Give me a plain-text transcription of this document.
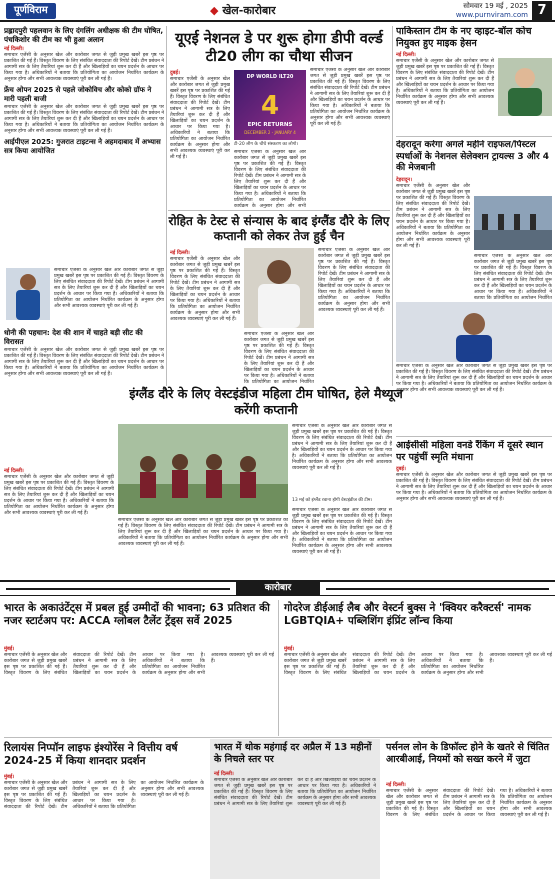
पूर्णविराम	◆ खेल-कारोबार	सोमवार 19 मई , 2025
www.purnviram.com 7
प्रह्लादपुरी पहलवान के लिए दंगलिंग अधीक्षक की टीम घोषित, पंचकिशोर की टीम का भी हुआ अलान
नई दिल्ली।
समाचार एजेंसी के अनुसार खेल और कारोबार जगत से जुड़ी प्रमुख खबरें इस पृष्ठ पर प्रकाशित की गई हैं। विस्तृत विवरण के लिए संबंधित संवाददाता की रिपोर्ट देखें। टीम प्रबंधन ने आगामी सत्र के लिए तैयारियां शुरू कर दी हैं और खिलाड़ियों का चयन प्रदर्शन के आधार पर किया गया है। अधिकारियों ने बताया कि प्रतियोगिता का आयोजन निर्धारित कार्यक्रम के अनुसार होगा और सभी आवश्यक व्यवस्थाएं पूरी कर ली गई हैं।
फ्रेंच ओपन 2025 से पहले जोकोविच और कोको ग्रॉफ ने मारी पहली बाजी
समाचार एजेंसी के अनुसार खेल और कारोबार जगत से जुड़ी प्रमुख खबरें इस पृष्ठ पर प्रकाशित की गई हैं। विस्तृत विवरण के लिए संबंधित संवाददाता की रिपोर्ट देखें। टीम प्रबंधन ने आगामी सत्र के लिए तैयारियां शुरू कर दी हैं और खिलाड़ियों का चयन प्रदर्शन के आधार पर किया गया है। अधिकारियों ने बताया कि प्रतियोगिता का आयोजन निर्धारित कार्यक्रम के अनुसार होगा और सभी आवश्यक व्यवस्थाएं पूरी कर ली गई हैं।
आईपीएल 2025: गुजरात टाइटन्स ने अहमदाबाद में अभ्यास सत्र किया आयोजित
समाचार एजेंसी के अनुसार खेल और कारोबार जगत से जुड़ी प्रमुख खबरें इस पृष्ठ पर प्रकाशित की गई हैं। विस्तृत विवरण के लिए संबंधित संवाददाता की रिपोर्ट देखें। टीम प्रबंधन ने आगामी सत्र के लिए तैयारियां शुरू कर दी हैं और खिलाड़ियों का चयन प्रदर्शन के आधार पर किया गया है। अधिकारियों ने बताया कि प्रतियोगिता का आयोजन निर्धारित कार्यक्रम के अनुसार होगा और सभी आवश्यक व्यवस्थाएं पूरी कर ली गई हैं।
धोनी की पहचान: देश की शान में चाहते बड़ी सीट की विरासत
समाचार एजेंसी के अनुसार खेल और कारोबार जगत से जुड़ी प्रमुख खबरें इस पृष्ठ पर प्रकाशित की गई हैं। विस्तृत विवरण के लिए संबंधित संवाददाता की रिपोर्ट देखें। टीम प्रबंधन ने आगामी सत्र के लिए तैयारियां शुरू कर दी हैं और खिलाड़ियों का चयन प्रदर्शन के आधार पर किया गया है। अधिकारियों ने बताया कि प्रतियोगिता का आयोजन निर्धारित कार्यक्रम के अनुसार होगा और सभी आवश्यक व्यवस्थाएं पूरी कर ली गई हैं।
यूएई नेशनल डे पर शुरू होगा डीपी वर्ल्ड टी20 लीग का चौथा सीजन
दुबई।
समाचार एजेंसी के अनुसार खेल और कारोबार जगत से जुड़ी प्रमुख खबरें इस पृष्ठ पर प्रकाशित की गई हैं। विस्तृत विवरण के लिए संबंधित संवाददाता की रिपोर्ट देखें। टीम प्रबंधन ने आगामी सत्र के लिए तैयारियां शुरू कर दी हैं और खिलाड़ियों का चयन प्रदर्शन के आधार पर किया गया है। अधिकारियों ने बताया कि प्रतियोगिता का आयोजन निर्धारित कार्यक्रम के अनुसार होगा और सभी आवश्यक व्यवस्थाएं पूरी कर ली गई हैं।
4
DP WORLD ILT20
EPIC RETURNS
DECEMBER 2 - JANUARY 4
टी-20 लीग के चौथे संस्करण का लोगो।
समाचार एजेंसी के अनुसार खेल और कारोबार जगत से जुड़ी प्रमुख खबरें इस पृष्ठ पर प्रकाशित की गई हैं। विस्तृत विवरण के लिए संबंधित संवाददाता की रिपोर्ट देखें। टीम प्रबंधन ने आगामी सत्र के लिए तैयारियां शुरू कर दी हैं और खिलाड़ियों का चयन प्रदर्शन के आधार पर किया गया है। अधिकारियों ने बताया कि प्रतियोगिता का आयोजन निर्धारित कार्यक्रम के अनुसार होगा और सभी
समाचार एजेंसी के अनुसार खेल और कारोबार जगत से जुड़ी प्रमुख खबरें इस पृष्ठ पर प्रकाशित की गई हैं। विस्तृत विवरण के लिए संबंधित संवाददाता की रिपोर्ट देखें। टीम प्रबंधन ने आगामी सत्र के लिए तैयारियां शुरू कर दी हैं और खिलाड़ियों का चयन प्रदर्शन के आधार पर किया गया है। अधिकारियों ने बताया कि प्रतियोगिता का आयोजन निर्धारित कार्यक्रम के अनुसार होगा और सभी आवश्यक व्यवस्थाएं पूरी कर ली गई हैं।
रोहित के टेस्ट से संन्यास के बाद इंग्लैंड दौरे के लिए कप्तानी को लेकर तेज हुई चैन
नई दिल्ली।
समाचार एजेंसी के अनुसार खेल और कारोबार जगत से जुड़ी प्रमुख खबरें इस पृष्ठ पर प्रकाशित की गई हैं। विस्तृत विवरण के लिए संबंधित संवाददाता की रिपोर्ट देखें। टीम प्रबंधन ने आगामी सत्र के लिए तैयारियां शुरू कर दी हैं और खिलाड़ियों का चयन प्रदर्शन के आधार पर किया गया है। अधिकारियों ने बताया कि प्रतियोगिता का आयोजन निर्धारित कार्यक्रम के अनुसार होगा और सभी आवश्यक व्यवस्थाएं पूरी कर ली गई हैं।
समाचार एजेंसी के अनुसार खेल और कारोबार जगत से जुड़ी प्रमुख खबरें इस पृष्ठ पर प्रकाशित की गई हैं। विस्तृत विवरण के लिए संबंधित संवाददाता की रिपोर्ट देखें। टीम प्रबंधन ने आगामी सत्र के लिए तैयारियां शुरू कर दी हैं और खिलाड़ियों का चयन प्रदर्शन के आधार पर किया गया है। अधिकारियों ने बताया कि प्रतियोगिता का आयोजन निर्धारित
समाचार एजेंसी के अनुसार खेल और कारोबार जगत से जुड़ी प्रमुख खबरें इस पृष्ठ पर प्रकाशित की गई हैं। विस्तृत विवरण के लिए संबंधित संवाददाता की रिपोर्ट देखें। टीम प्रबंधन ने आगामी सत्र के लिए तैयारियां शुरू कर दी हैं और खिलाड़ियों का चयन प्रदर्शन के आधार पर किया गया है। अधिकारियों ने बताया कि प्रतियोगिता का आयोजन निर्धारित कार्यक्रम के अनुसार होगा और सभी आवश्यक व्यवस्थाएं पूरी कर ली गई हैं।
पाकिस्तान टीम के नए व्हाइट-बॉल कोच नियुक्त हुए माइक हेसन
नई दिल्ली।
समाचार एजेंसी के अनुसार खेल और कारोबार जगत से जुड़ी प्रमुख खबरें इस पृष्ठ पर प्रकाशित की गई हैं। विस्तृत विवरण के लिए संबंधित संवाददाता की रिपोर्ट देखें। टीम प्रबंधन ने आगामी सत्र के लिए तैयारियां शुरू कर दी हैं और खिलाड़ियों का चयन प्रदर्शन के आधार पर किया गया है। अधिकारियों ने बताया कि प्रतियोगिता का आयोजन निर्धारित कार्यक्रम के अनुसार होगा और सभी आवश्यक व्यवस्थाएं पूरी कर ली गई हैं।
देहरादून करेगा अगले महीने राइफल/पिस्टल स्पर्धाओं के नेशनल सेलेक्शन ट्रायल्स 3 और 4 की मेजबानी
देहरादून।
समाचार एजेंसी के अनुसार खेल और कारोबार जगत से जुड़ी प्रमुख खबरें इस पृष्ठ पर प्रकाशित की गई हैं। विस्तृत विवरण के लिए संबंधित संवाददाता की रिपोर्ट देखें। टीम प्रबंधन ने आगामी सत्र के लिए तैयारियां शुरू कर दी हैं और खिलाड़ियों का चयन प्रदर्शन के आधार पर किया गया है। अधिकारियों ने बताया कि प्रतियोगिता का आयोजन निर्धारित कार्यक्रम के अनुसार होगा और सभी आवश्यक व्यवस्थाएं पूरी कर ली गई हैं।
समाचार एजेंसी के अनुसार खेल और कारोबार जगत से जुड़ी प्रमुख खबरें इस पृष्ठ पर प्रकाशित की गई हैं। विस्तृत विवरण के लिए संबंधित संवाददाता की रिपोर्ट देखें। टीम प्रबंधन ने आगामी सत्र के लिए तैयारियां शुरू कर दी हैं और खिलाड़ियों का चयन प्रदर्शन के आधार पर किया गया है। अधिकारियों ने बताया कि प्रतियोगिता का आयोजन निर्धारित
समाचार एजेंसी के अनुसार खेल और कारोबार जगत से जुड़ी प्रमुख खबरें इस पृष्ठ पर प्रकाशित की गई हैं। विस्तृत विवरण के लिए संबंधित संवाददाता की रिपोर्ट देखें। टीम प्रबंधन ने आगामी सत्र के लिए तैयारियां शुरू कर दी हैं और खिलाड़ियों का चयन प्रदर्शन के आधार पर किया गया है। अधिकारियों ने बताया कि प्रतियोगिता का आयोजन निर्धारित कार्यक्रम के अनुसार होगा और सभी आवश्यक व्यवस्थाएं पूरी कर ली गई हैं।
आईसीसी महिला वनडे रैंकिंग में दूसरे स्थान पर पहुंचीं स्मृति मंधाना
दुबई।
समाचार एजेंसी के अनुसार खेल और कारोबार जगत से जुड़ी प्रमुख खबरें इस पृष्ठ पर प्रकाशित की गई हैं। विस्तृत विवरण के लिए संबंधित संवाददाता की रिपोर्ट देखें। टीम प्रबंधन ने आगामी सत्र के लिए तैयारियां शुरू कर दी हैं और खिलाड़ियों का चयन प्रदर्शन के आधार पर किया गया है। अधिकारियों ने बताया कि प्रतियोगिता का आयोजन निर्धारित कार्यक्रम के अनुसार होगा और सभी आवश्यक व्यवस्थाएं पूरी कर ली गई हैं।
इंग्लैंड दौरे के लिए वेस्टइंडीज महिला टीम घोषित, हेले मैथ्यूज करेंगी कप्तानी
नई दिल्ली।
समाचार एजेंसी के अनुसार खेल और कारोबार जगत से जुड़ी प्रमुख खबरें इस पृष्ठ पर प्रकाशित की गई हैं। विस्तृत विवरण के लिए संबंधित संवाददाता की रिपोर्ट देखें। टीम प्रबंधन ने आगामी सत्र के लिए तैयारियां शुरू कर दी हैं और खिलाड़ियों का चयन प्रदर्शन के आधार पर किया गया है। अधिकारियों ने बताया कि प्रतियोगिता का आयोजन निर्धारित कार्यक्रम के अनुसार होगा और सभी आवश्यक व्यवस्थाएं पूरी कर ली गई हैं।
13 मई को इंग्लैंड रवाना होगी वेस्टइंडीज की टीम।
समाचार एजेंसी के अनुसार खेल और कारोबार जगत से जुड़ी प्रमुख खबरें इस पृष्ठ पर प्रकाशित की गई हैं। विस्तृत विवरण के लिए संबंधित संवाददाता की रिपोर्ट देखें। टीम प्रबंधन ने आगामी सत्र के लिए तैयारियां शुरू कर दी हैं और खिलाड़ियों का चयन प्रदर्शन के आधार पर किया गया है। अधिकारियों ने बताया कि प्रतियोगिता का आयोजन निर्धारित कार्यक्रम के अनुसार होगा और सभी आवश्यक व्यवस्थाएं पूरी कर ली गई हैं।
समाचार एजेंसी के अनुसार खेल और कारोबार जगत से जुड़ी प्रमुख खबरें इस पृष्ठ पर प्रकाशित की गई हैं। विस्तृत विवरण के लिए संबंधित संवाददाता की रिपोर्ट देखें। टीम प्रबंधन ने आगामी सत्र के लिए तैयारियां शुरू कर दी हैं और खिलाड़ियों का चयन प्रदर्शन के आधार पर किया गया है। अधिकारियों ने बताया कि प्रतियोगिता का आयोजन निर्धारित कार्यक्रम के अनुसार होगा और सभी आवश्यक व्यवस्थाएं पूरी कर ली गई हैं।
समाचार एजेंसी के अनुसार खेल और कारोबार जगत से जुड़ी प्रमुख खबरें इस पृष्ठ पर प्रकाशित की गई हैं। विस्तृत विवरण के लिए संबंधित संवाददाता की रिपोर्ट देखें। टीम प्रबंधन ने आगामी सत्र के लिए तैयारियां शुरू कर दी हैं और खिलाड़ियों का चयन प्रदर्शन के आधार पर किया गया है। अधिकारियों ने बताया कि प्रतियोगिता का आयोजन निर्धारित कार्यक्रम के अनुसार होगा और सभी आवश्यक व्यवस्थाएं पूरी कर ली गई हैं।
कारोबार
भारत के अकाउंटेंट्स में प्रबल हुई उम्मीदों की भावना; 63 प्रतिशत की नजर स्टार्टअप पर: ACCA ग्लोबल टैलेंट ट्रेंड्स सर्वे 2025
मुंबई।
समाचार एजेंसी के अनुसार खेल और कारोबार जगत से जुड़ी प्रमुख खबरें इस पृष्ठ पर प्रकाशित की गई हैं। विस्तृत विवरण के लिए संबंधित संवाददाता की रिपोर्ट देखें। टीम प्रबंधन ने आगामी सत्र के लिए तैयारियां शुरू कर दी हैं और खिलाड़ियों का चयन प्रदर्शन के आधार पर किया गया है। अधिकारियों ने बताया कि प्रतियोगिता का आयोजन निर्धारित कार्यक्रम के अनुसार होगा और सभी आवश्यक व्यवस्थाएं पूरी कर ली गई हैं।
गोदरेज डीईआई लैब और वेस्टर्न बुक्स ने 'क्वियर करैक्टर्स' नामक LGBTQIA+ पब्लिशिंग इंप्रिंट लॉन्च किया
मुंबई।
समाचार एजेंसी के अनुसार खेल और कारोबार जगत से जुड़ी प्रमुख खबरें इस पृष्ठ पर प्रकाशित की गई हैं। विस्तृत विवरण के लिए संबंधित संवाददाता की रिपोर्ट देखें। टीम प्रबंधन ने आगामी सत्र के लिए तैयारियां शुरू कर दी हैं और खिलाड़ियों का चयन प्रदर्शन के आधार पर किया गया है। अधिकारियों ने बताया कि प्रतियोगिता का आयोजन निर्धारित कार्यक्रम के अनुसार होगा और सभी आवश्यक व्यवस्थाएं पूरी कर ली गई हैं।
रिलायंस निप्पॉन लाइफ इंश्योरेंस ने वित्तीय वर्ष 2024-25 में किया शानदार प्रदर्शन
मुंबई।
समाचार एजेंसी के अनुसार खेल और कारोबार जगत से जुड़ी प्रमुख खबरें इस पृष्ठ पर प्रकाशित की गई हैं। विस्तृत विवरण के लिए संबंधित संवाददाता की रिपोर्ट देखें। टीम प्रबंधन ने आगामी सत्र के लिए तैयारियां शुरू कर दी हैं और खिलाड़ियों का चयन प्रदर्शन के आधार पर किया गया है। अधिकारियों ने बताया कि प्रतियोगिता का आयोजन निर्धारित कार्यक्रम के अनुसार होगा और सभी आवश्यक व्यवस्थाएं पूरी कर ली गई हैं।
भारत में थोक महंगाई दर अप्रैल में 13 महीनों के निचले स्तर पर
नई दिल्ली।
समाचार एजेंसी के अनुसार खेल और कारोबार जगत से जुड़ी प्रमुख खबरें इस पृष्ठ पर प्रकाशित की गई हैं। विस्तृत विवरण के लिए संबंधित संवाददाता की रिपोर्ट देखें। टीम प्रबंधन ने आगामी सत्र के लिए तैयारियां शुरू कर दी हैं और खिलाड़ियों का चयन प्रदर्शन के आधार पर किया गया है। अधिकारियों ने बताया कि प्रतियोगिता का आयोजन निर्धारित कार्यक्रम के अनुसार होगा और सभी आवश्यक व्यवस्थाएं पूरी कर ली गई हैं।
पर्सनल लोन के डिफॉल्ट होने के खतरे से चिंतित आरबीआई, नियमों को सख्त करने में जुटा
नई दिल्ली।
समाचार एजेंसी के अनुसार खेल और कारोबार जगत से जुड़ी प्रमुख खबरें इस पृष्ठ पर प्रकाशित की गई हैं। विस्तृत विवरण के लिए संबंधित संवाददाता की रिपोर्ट देखें। टीम प्रबंधन ने आगामी सत्र के लिए तैयारियां शुरू कर दी हैं और खिलाड़ियों का चयन प्रदर्शन के आधार पर किया गया है। अधिकारियों ने बताया कि प्रतियोगिता का आयोजन निर्धारित कार्यक्रम के अनुसार होगा और सभी आवश्यक व्यवस्थाएं पूरी कर ली गई हैं।
